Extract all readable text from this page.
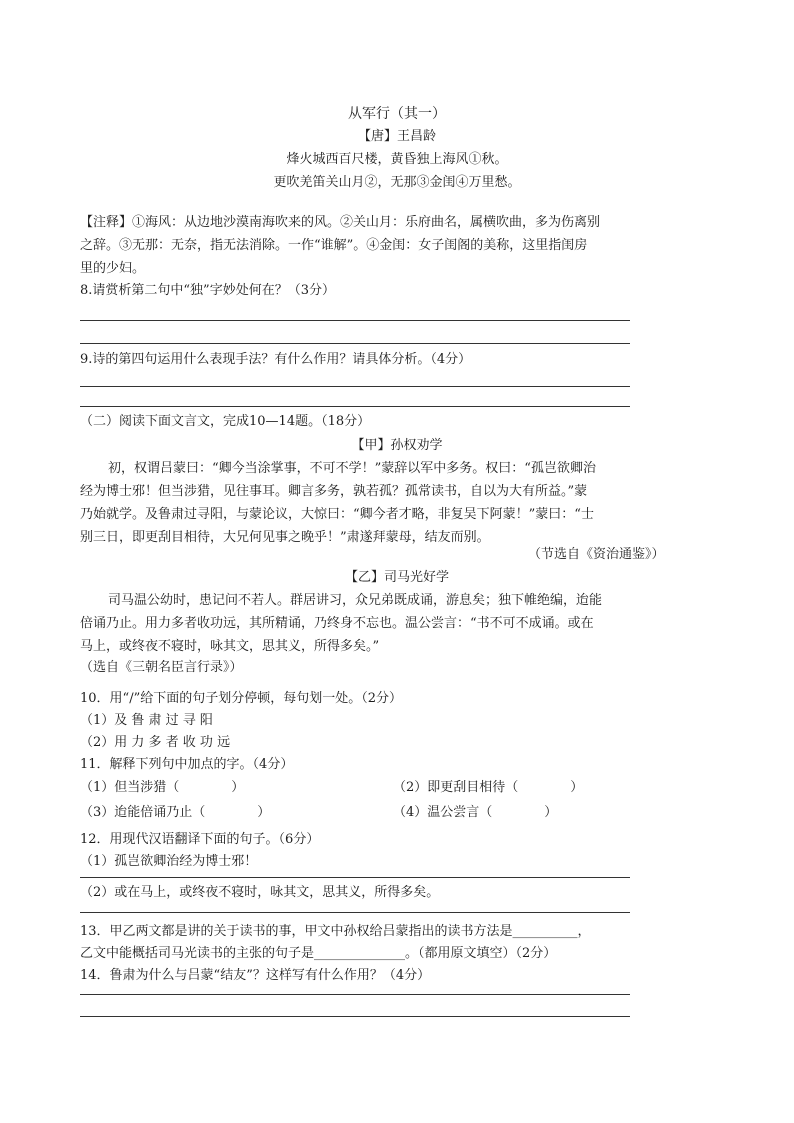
从军行（其一）
【唐】王昌龄
烽火城西百尺楼，黄昏独上海风①秋。
更吹羌笛关山月②，无那③金闺④万里愁。
【注释】①海风：从边地沙漠南海吹来的风。②关山月：乐府曲名，属横吹曲，多为伤离别
之辞。③无那：无奈，指无法消除。一作“谁解”。④金闺：女子闺阁的美称，这里指闺房
里的少妇。
8.请赏析第二句中“独”字妙处何在？（3分）
9.诗的第四句运用什么表现手法？有什么作用？请具体分析。（4分）
（二）阅读下面文言文，完成10—14题。（18分）
【甲】孙权劝学
初，权谓吕蒙曰：“卿今当涂掌事，不可不学！”蒙辞以军中多务。权曰：“孤岂欲卿治
经为博士邪！但当涉猎，见往事耳。卿言多务，孰若孤？孤常读书，自以为大有所益。”蒙
乃始就学。及鲁肃过寻阳，与蒙论议，大惊曰：“卿今者才略，非复吴下阿蒙！”蒙曰：“士
别三日，即更刮目相待，大兄何见事之晚乎！”肃遂拜蒙母，结友而别。
（节选自《资治通鉴》）
【乙】司马光好学
司马温公幼时，患记问不若人。群居讲习，众兄弟既成诵，游息矣；独下帷绝编，迨能
倍诵乃止。用力多者收功远，其所精诵，乃终身不忘也。温公尝言：“书不可不成诵。或在
马上，或终夜不寝时，咏其文，思其义，所得多矣。”
（选自《三朝名臣言行录》）
10．用“/”给下面的句子划分停顿，每句划一处。（2分）
（1）及 鲁 肃 过 寻 阳
（2）用 力 多 者 收 功 远
11．解释下列句中加点的字。（4分）
（1）但当涉猎（　　　　）	（2）即更刮目相待（　　　　）
（3）迨能倍诵乃止（　　　　）	（4）温公尝言（　　　　）
12．用现代汉语翻译下面的句子。（6分）
（1）孤岂欲卿治经为博士邪！
（2）或在马上，或终夜不寝时，咏其文，思其义，所得多矣。
13．甲乙两文都是讲的关于读书的事，甲文中孙权给吕蒙指出的读书方法是__________，
乙文中能概括司马光读书的主张的句子是______________。（都用原文填空）（2分）
14．鲁肃为什么与吕蒙“结友”？这样写有什么作用？（4分）
